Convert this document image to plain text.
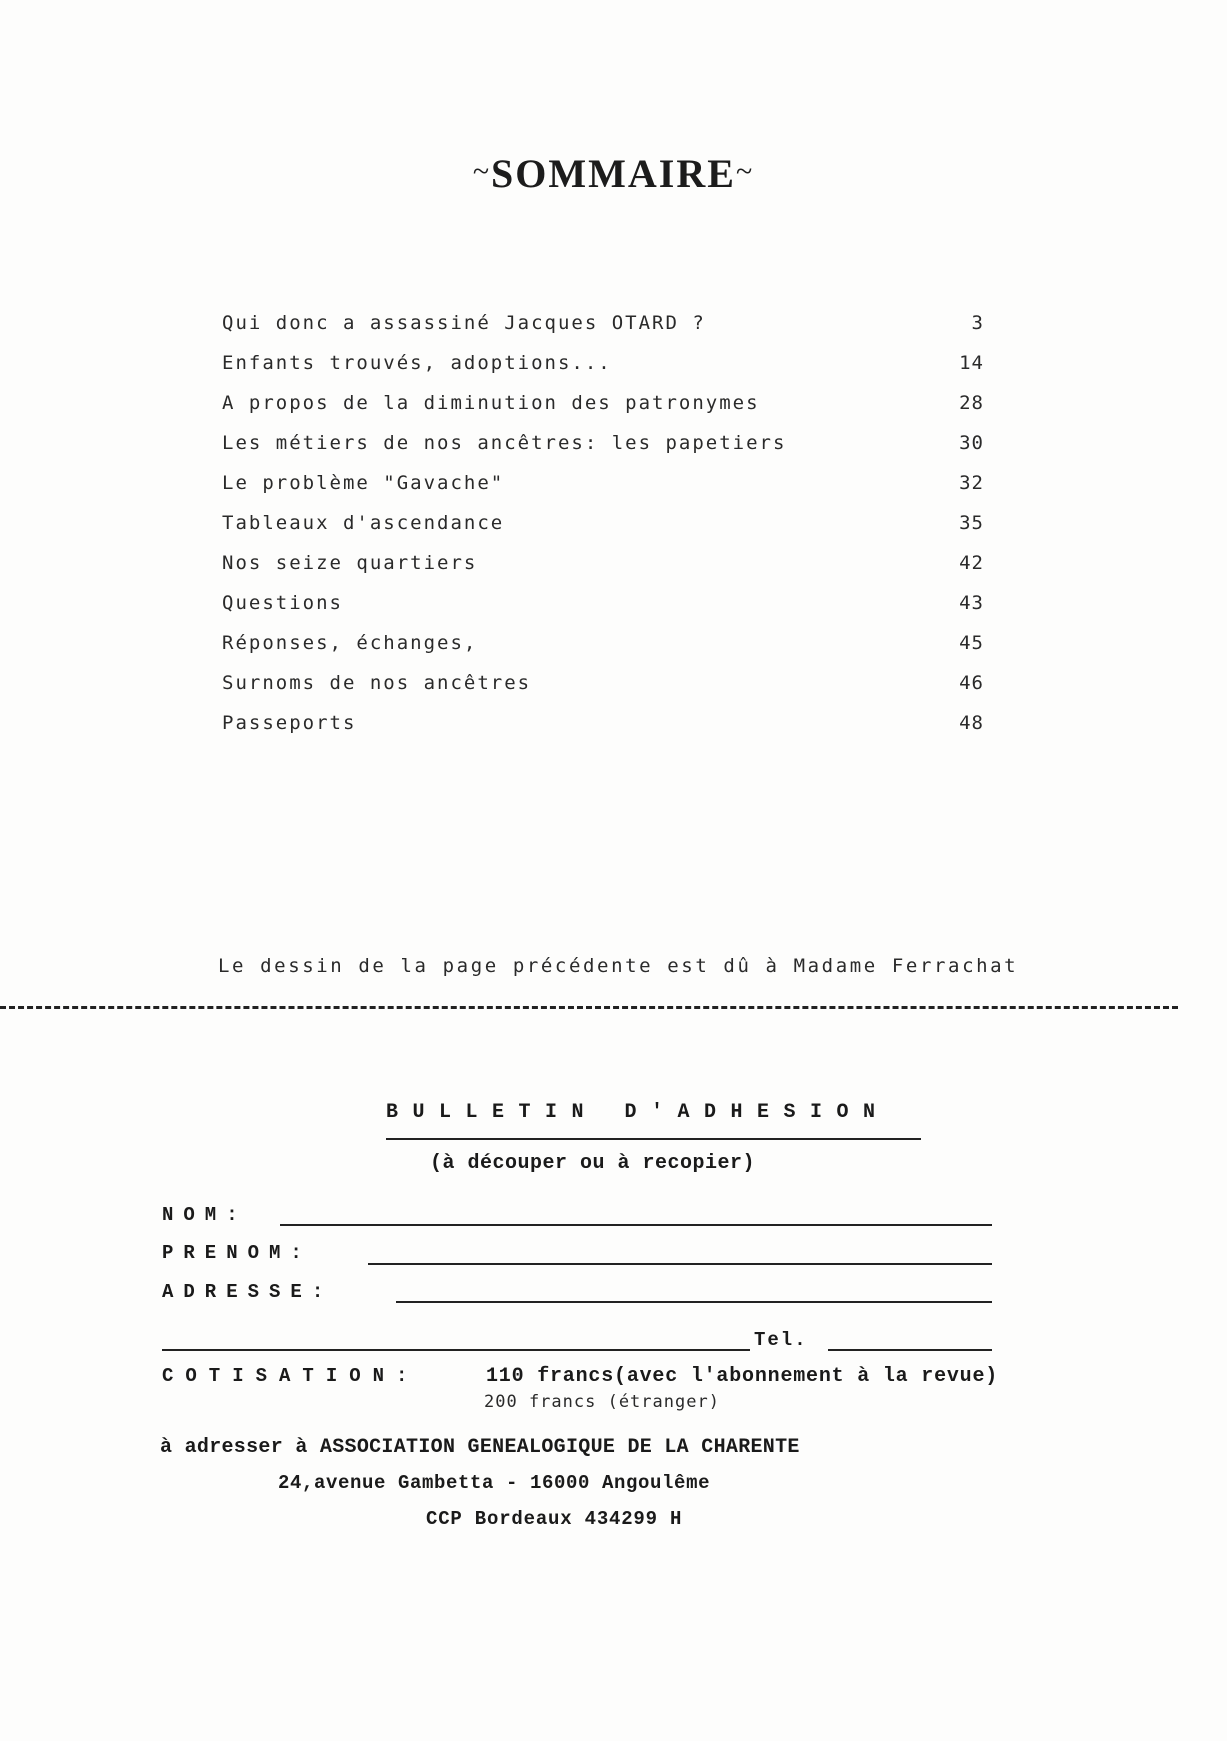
~SOMMAIRE~
Qui donc a assassiné Jacques OTARD ?	3
Enfants trouvés, adoptions...	14
A propos de la diminution des patronymes	28
Les métiers de nos ancêtres: les papetiers	30
Le problème "Gavache"	32
Tableaux d'ascendance	35
Nos seize quartiers	42
Questions	43
Réponses, échanges,	45
Surnoms de nos ancêtres	46
Passeports	48
Le dessin de la page précédente est dû à Madame Ferrachat
BULLETIN D'ADHESION
(à découper ou à recopier)
NOM:
PRENOM:
ADRESSE:
Tel.
COTISATION:	110 francs(avec l'abonnement à la revue)
200 francs (étranger)
à adresser à ASSOCIATION GENEALOGIQUE DE LA CHARENTE
24,avenue Gambetta - 16000 Angoulême
CCP Bordeaux 434299 H
